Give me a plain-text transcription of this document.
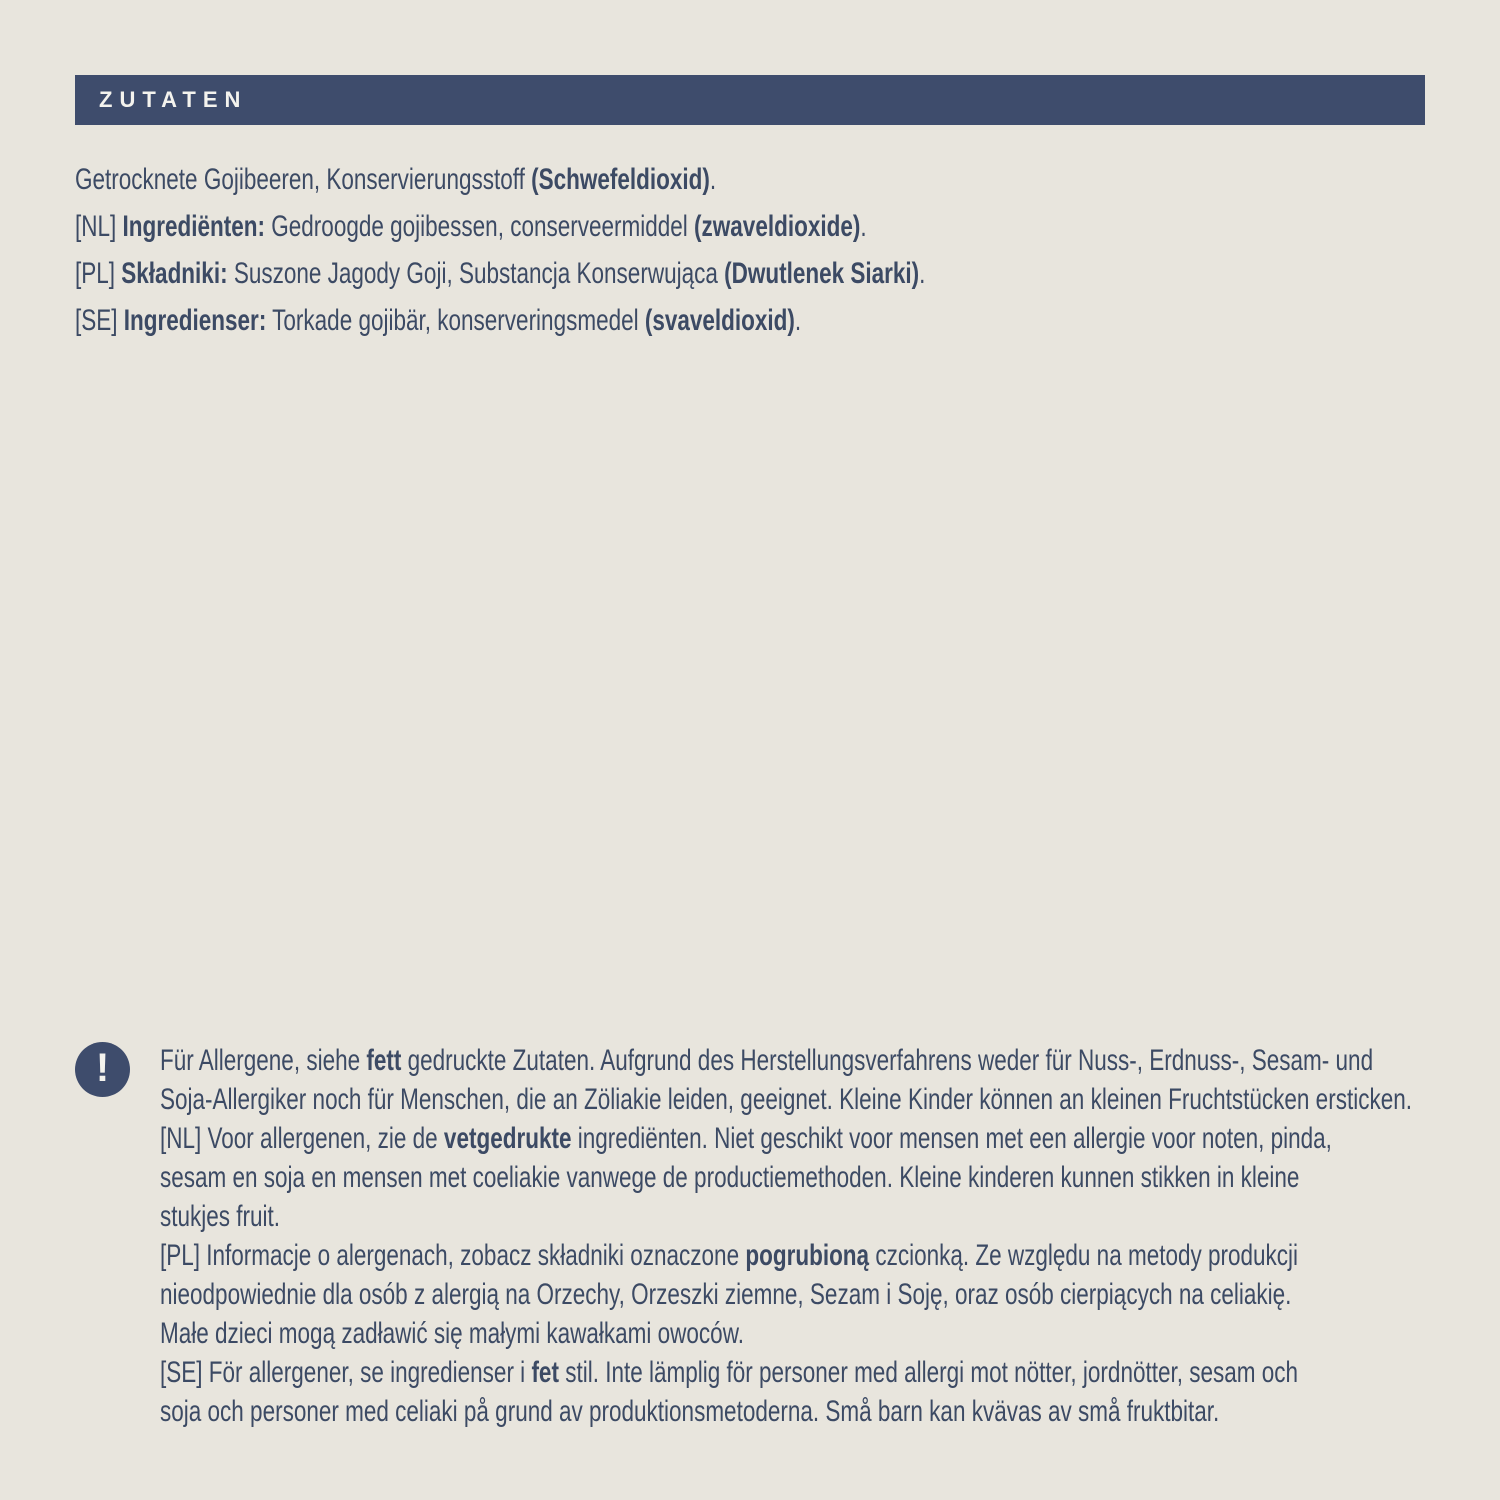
ZUTATEN
Getrocknete Gojibeeren, Konservierungsstoff (Schwefeldioxid).
[NL] Ingrediënten: Gedroogde gojibessen, conserveermiddel (zwaveldioxide).
[PL] Składniki: Suszone Jagody Goji, Substancja Konserwująca (Dwutlenek Siarki).
[SE] Ingredienser: Torkade gojibär, konserveringsmedel (svaveldioxid).
! Für Allergene, siehe fett gedruckte Zutaten. Aufgrund des Herstellungsverfahrens weder für Nuss-, Erdnuss-, Sesam- und
Soja-Allergiker noch für Menschen, die an Zöliakie leiden, geeignet. Kleine Kinder können an kleinen Fruchtstücken ersticken.
[NL] Voor allergenen, zie de vetgedrukte ingrediënten. Niet geschikt voor mensen met een allergie voor noten, pinda,
sesam en soja en mensen met coeliakie vanwege de productiemethoden. Kleine kinderen kunnen stikken in kleine
stukjes fruit.
[PL] Informacje o alergenach, zobacz składniki oznaczone pogrubioną czcionką. Ze względu na metody produkcji
nieodpowiednie dla osób z alergią na Orzechy, Orzeszki ziemne, Sezam i Soję, oraz osób cierpiących na celiakię.
Małe dzieci mogą zadławić się małymi kawałkami owoców.
[SE] För allergener, se ingredienser i fet stil. Inte lämplig för personer med allergi mot nötter, jordnötter, sesam och
soja och personer med celiaki på grund av produktionsmetoderna. Små barn kan kvävas av små fruktbitar.
